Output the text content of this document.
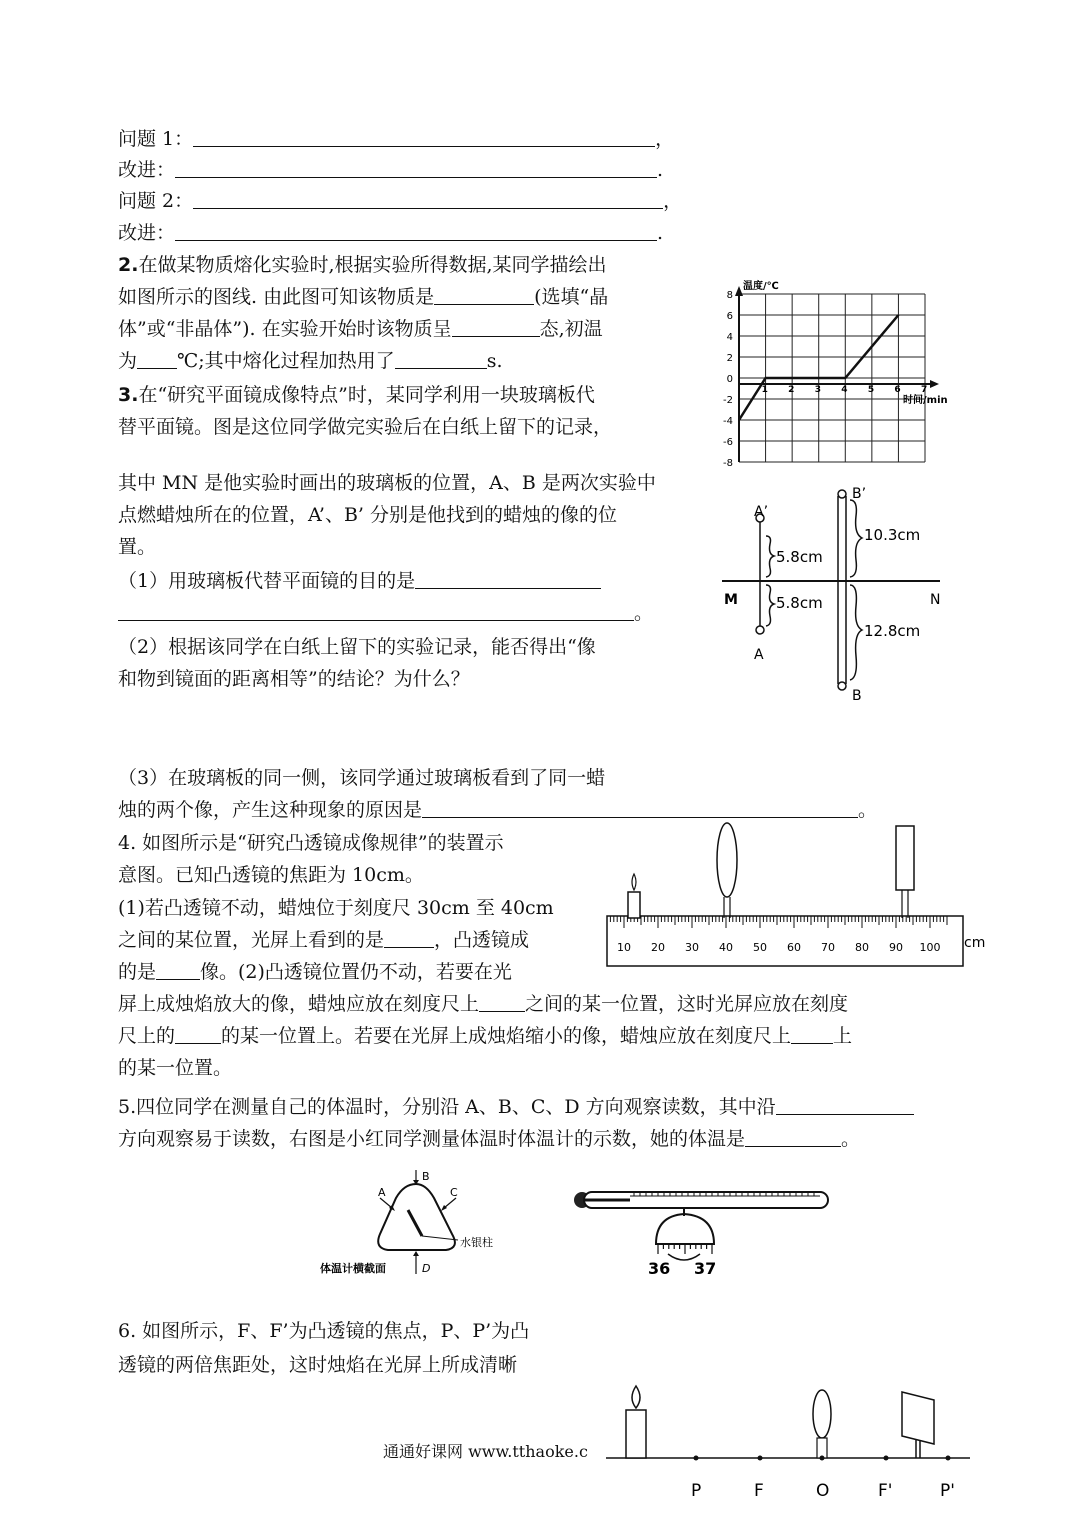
问题 1：	，
改进：	.
问题 2：	，
改进：	.
2.在做某物质熔化实验时,根据实验所得数据,某同学描绘出
如图所示的图线. 由此图可知该物质是	(选填“晶
体”或“非晶体”). 在实验开始时该物质呈	态,初温
为 ℃;其中熔化过程加热用了	s.
3.在“研究平面镜成像特点”时，某同学利用一块玻璃板代
替平面镜。图是这位同学做完实验后在白纸上留下的记录，
其中 MN 是他实验时画出的玻璃板的位置，A、B 是两次实验中
点燃蜡烛所在的位置，A’、B’ 分别是他找到的蜡烛的像的位
置。
（1）用玻璃板代替平面镜的目的是
。
（2）根据该同学在白纸上留下的实验记录，能否得出“像
和物到镜面的距离相等”的结论？为什么？
（3）在玻璃板的同一侧，该同学通过玻璃板看到了同一蜡
烛的两个像，产生这种现象的原因是	。
4. 如图所示是“研究凸透镜成像规律”的装置示
意图。已知凸透镜的焦距为 10cm。
(1)若凸透镜不动，蜡烛位于刻度尺 30cm 至 40cm
之间的某位置，光屏上看到的是	，凸透镜成
的是 像。(2)凸透镜位置仍不动，若要在光
屏上成烛焰放大的像，蜡烛应放在刻度尺上 之间的某一位置，这时光屏应放在刻度
尺上的 的某一位置上。若要在光屏上成烛焰缩小的像，蜡烛应放在刻度尺上 上
的某一位置。
5.四位同学在测量自己的体温时，分别沿 A、B、C、D 方向观察读数，其中沿
方向观察易于读数，右图是小红同学测量体温时体温计的示数，她的体温是	。
6. 如图所示，F、F’为凸透镜的焦点，P、P’为凸
透镜的两倍焦距处，这时烛焰在光屏上所成清晰
通通好课网 www.tthaoke.c
温度/℃
时间/min
8
6
4
2
0
-2
-4
-6
-8
1 2 3 4 5 6 7
A’
A
B’
B
M	N
5.8cm
5.8cm
10.3cm
12.8cm
10 20 30 40 50 60 70 80 90 100 cm
B
A	C
D
水银柱
体温计横截面	36 37
P	F	O	F'	P'
